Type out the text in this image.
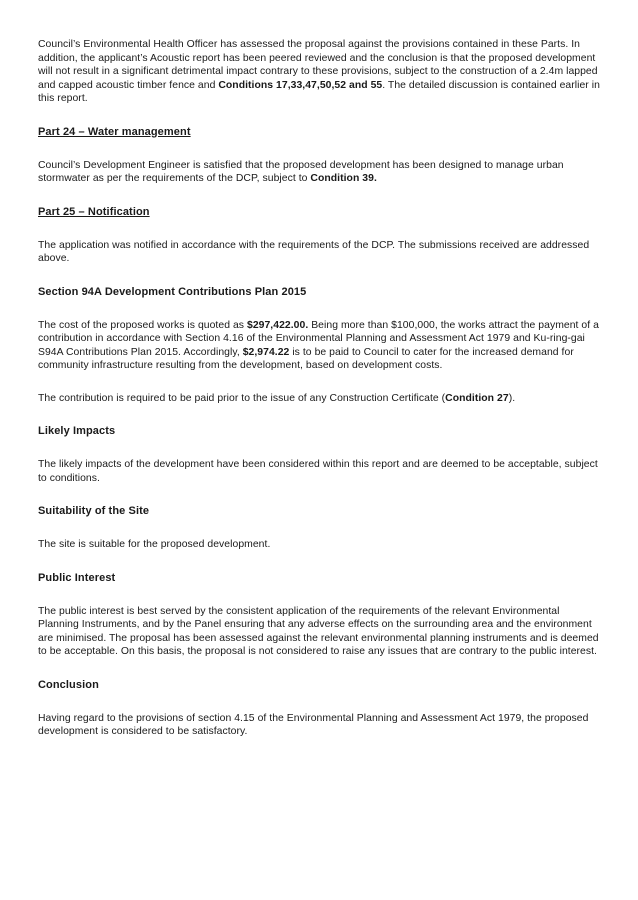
Council’s Environmental Health Officer has assessed the proposal against the provisions contained in these Parts. In addition, the applicant’s Acoustic report has been peered reviewed and the conclusion is that the proposed development will not result in a significant detrimental impact contrary to these provisions, subject to the construction of a 2.4m lapped and capped acoustic timber fence and Conditions 17,33,47,50,52 and 55. The detailed discussion is contained earlier in this report.

Part 24 – Water management

Council’s Development Engineer is satisfied that the proposed development has been designed to manage urban stormwater as per the requirements of the DCP, subject to Condition 39.

Part 25 – Notification

The application was notified in accordance with the requirements of the DCP. The submissions received are addressed above.

Section 94A Development Contributions Plan 2015

The cost of the proposed works is quoted as $297,422.00. Being more than $100,000, the works attract the payment of a contribution in accordance with Section 4.16 of the Environmental Planning and Assessment Act 1979 and Ku-ring-gai S94A Contributions Plan 2015. Accordingly, $2,974.22 is to be paid to Council to cater for the increased demand for community infrastructure resulting from the development, based on development costs.

The contribution is required to be paid prior to the issue of any Construction Certificate (Condition 27).

Likely Impacts

The likely impacts of the development have been considered within this report and are deemed to be acceptable, subject to conditions.

Suitability of the Site

The site is suitable for the proposed development.

Public Interest

The public interest is best served by the consistent application of the requirements of the relevant Environmental Planning Instruments, and by the Panel ensuring that any adverse effects on the surrounding area and the environment are minimised. The proposal has been assessed against the relevant environmental planning instruments and is deemed to be acceptable. On this basis, the proposal is not considered to raise any issues that are contrary to the public interest.

Conclusion

Having regard to the provisions of section 4.15 of the Environmental Planning and Assessment Act 1979, the proposed development is considered to be satisfactory.
